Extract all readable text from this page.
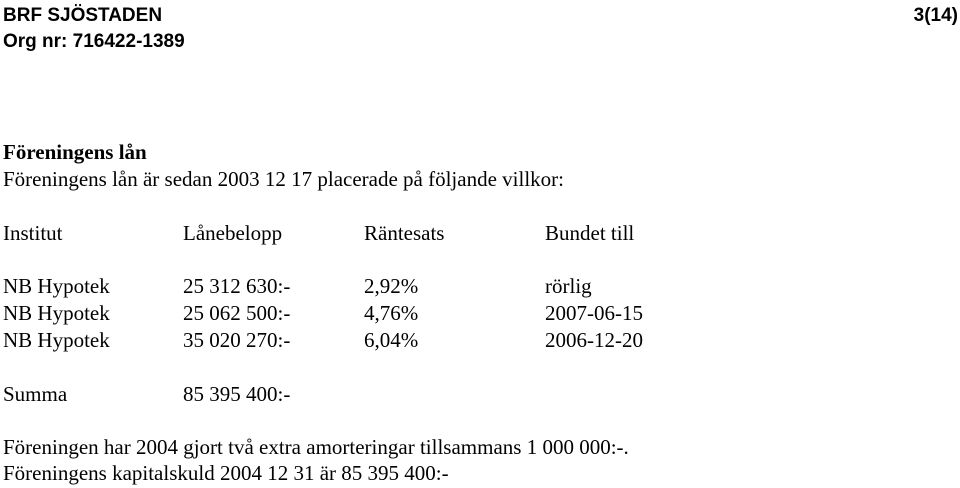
BRF SJÖSTADEN
Org nr: 716422-1389
3(14)
Föreningens lån
Föreningens lån är sedan 2003 12 17 placerade på följande villkor:
Institut	Lånebelopp	Räntesats	Bundet till
NB Hypotek	25 312 630:-	2,92%	rörlig
NB Hypotek	25 062 500:-	4,76%	2007-06-15
NB Hypotek	35 020 270:-	6,04%	2006-12-20
Summa	85 395 400:-
Föreningen har 2004 gjort två extra amorteringar tillsammans 1 000 000:-.
Föreningens kapitalskuld 2004 12 31 är 85 395 400:-
